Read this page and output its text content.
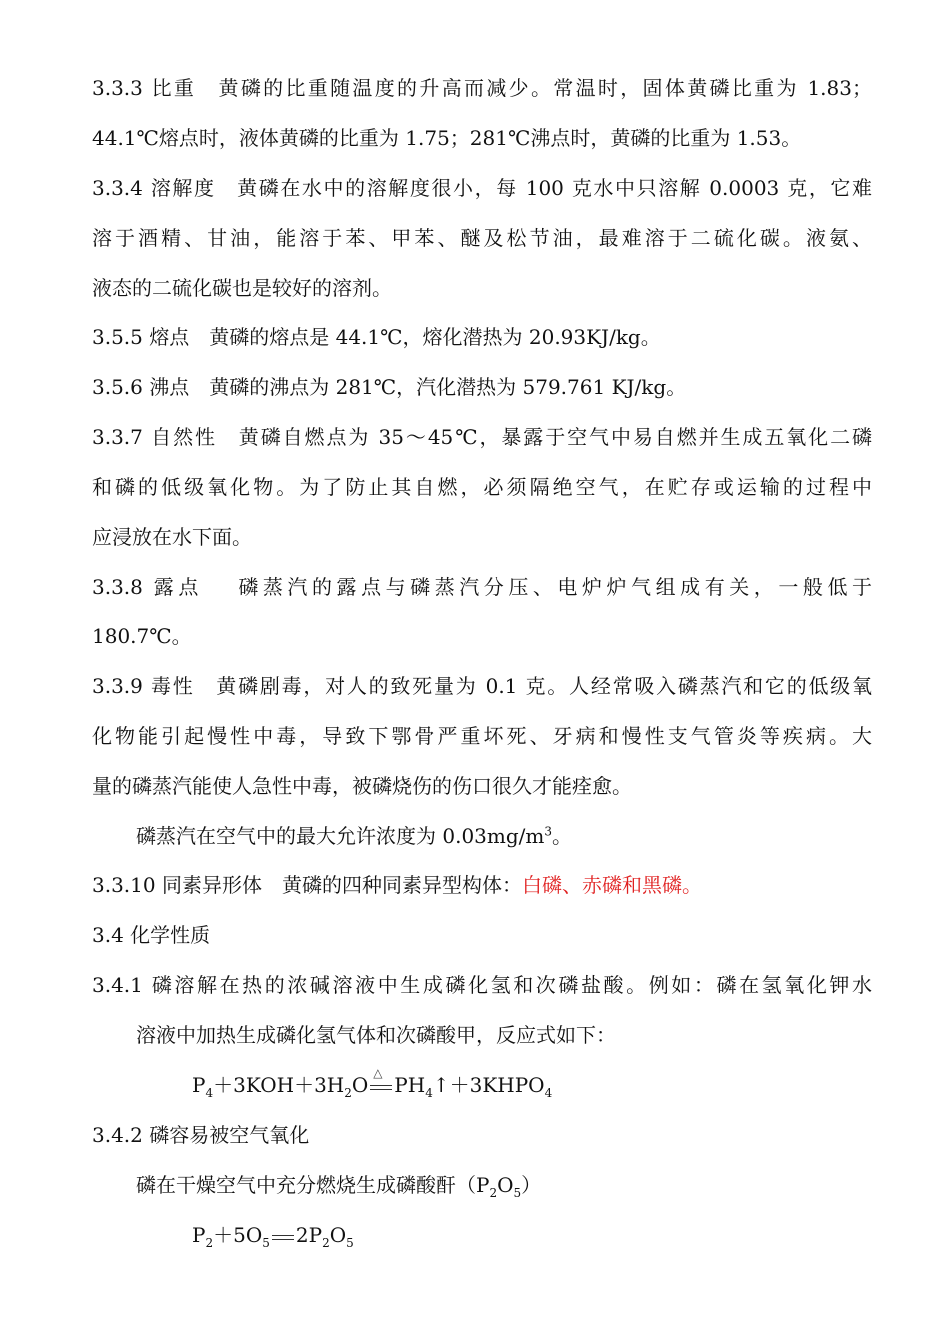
3.3.3 比重　黄磷的比重随温度的升高而减少。常温时，固体黄磷比重为 1.83；
44.1℃熔点时，液体黄磷的比重为 1.75；281℃沸点时，黄磷的比重为 1.53。
3.3.4 溶解度　黄磷在水中的溶解度很小，每 100 克水中只溶解 0.0003 克，它难
溶于酒精、甘油，能溶于苯、甲苯、醚及松节油，最难溶于二硫化碳。液氨、
液态的二硫化碳也是较好的溶剂。
3.5.5 熔点　黄磷的熔点是 44.1℃，熔化潜热为 20.93KJ/kg。
3.5.6 沸点　黄磷的沸点为 281℃，汽化潜热为 579.761 KJ/kg。
3.3.7 自然性　黄磷自燃点为 35～45℃，暴露于空气中易自燃并生成五氧化二磷
和磷的低级氧化物。为了防止其自燃，必须隔绝空气，在贮存或运输的过程中
应浸放在水下面。
3.3.8 露点　 磷蒸汽的露点与磷蒸汽分压、电炉炉气组成有关，一般低于
180.7℃。
3.3.9 毒性　黄磷剧毒，对人的致死量为 0.1 克。人经常吸入磷蒸汽和它的低级氧
化物能引起慢性中毒，导致下鄂骨严重坏死、牙病和慢性支气管炎等疾病。大
量的磷蒸汽能使人急性中毒，被磷烧伤的伤口很久才能痊愈。
磷蒸汽在空气中的最大允许浓度为 $0.03mg/m^3$。
3.3.10 同素异形体　黄磷的四种同素异型构体：白磷、赤磷和黑磷。
3.4 化学性质
3.4.1 磷溶解在热的浓碱溶液中生成磷化氢和次磷盐酸。例如：磷在氢氧化钾水
溶液中加热生成磷化氢气体和次磷酸甲，反应式如下：
$P_4+3KOH+3H_2O$
△
$PH_4↑+3KHPO_4$
3.4.2 磷容易被空气氧化
磷在干燥空气中充分燃烧生成磷酸酐$(P_2O_5)$
$P_2+5O_5$ $2P_2O_5$
